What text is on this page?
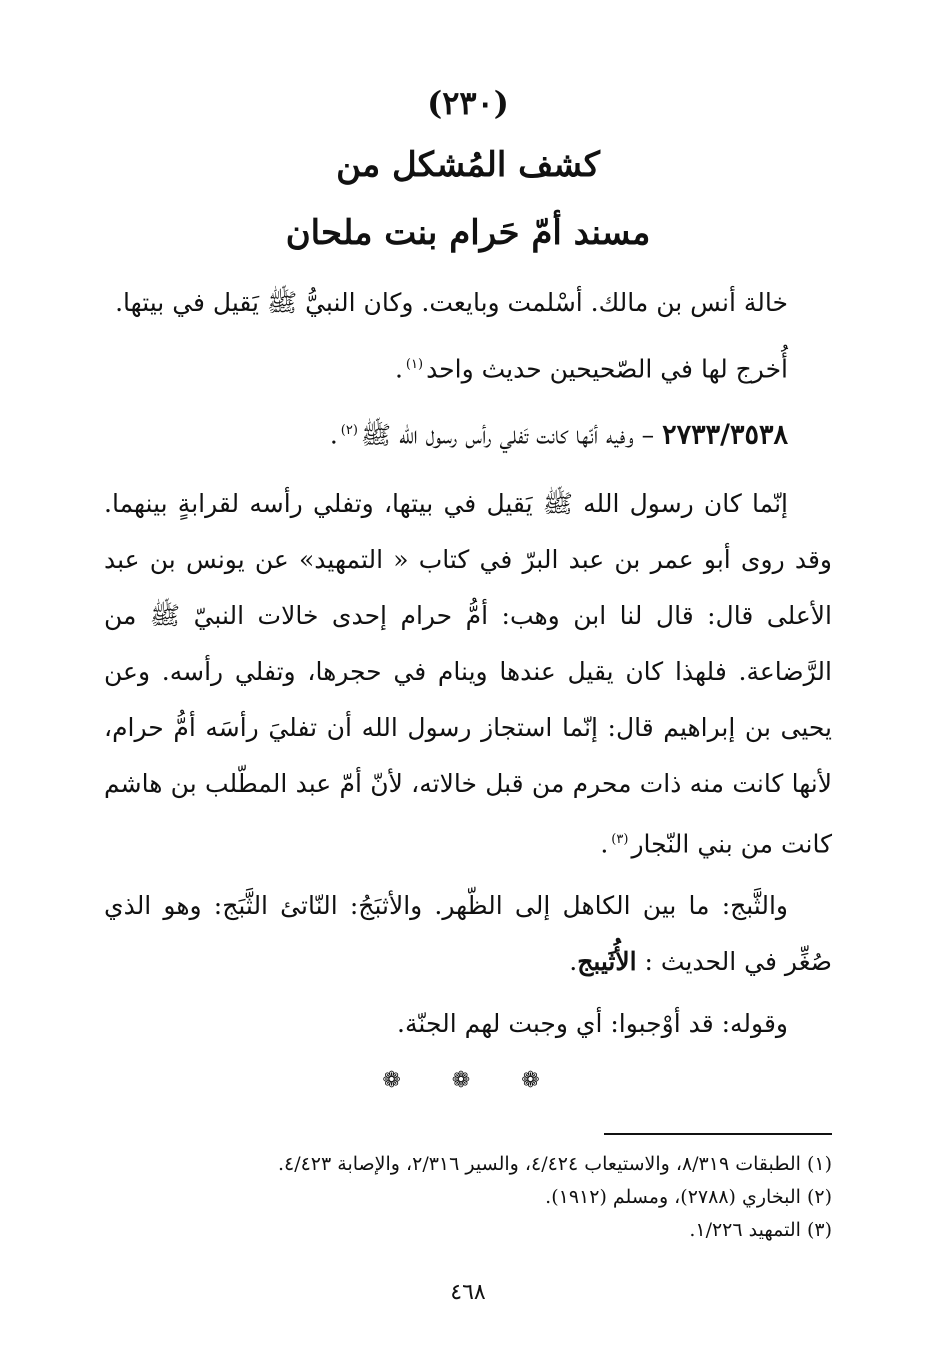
(٢٣٠)
كشف المُشكل من
مسند أمّ حَرام بنت ملحان

خالة أنس بن مالك. أسْلمت وبايعت. وكان النبيُّ ﷺ يَقيل في بيتها.

أُخرج لها في الصّحيحين حديث واحد$^{(١)}$.

٢٧٣٣/٣٥٣٨ – وفيه أنّها كانت تَفلي رأس رسول الله ﷺ$^{(٢)}$.

إنّما كان رسول الله ﷺ يَقيل في بيتها، وتفلي رأسه لقرابةٍ بينهما. وقد روى أبو عمر بن عبد البرّ في كتاب « التمهيد» عن يونس بن عبد الأعلى قال: قال لنا ابن وهب: أمُّ حرام إحدى خالات النبيّ ﷺ من الرَّضاعة. فلهذا كان يقيل عندها وينام في حجرها، وتفلي رأسه. وعن يحيى بن إبراهيم قال: إنّما استجاز رسول الله أن تفليَ رأسَه أمُّ حرام، لأنها كانت منه ذات محرم من قبل خالاته، لأنّ أمّ عبد المطّلب بن هاشم كانت من بني النّجار$^{(٣)}$.

والثَّبج: ما بين الكاهل إلى الظّهر. والأثبَجُ: النّاتئ الثَّبَج: وهو الذي صُغِّر في الحديث : الأُثَيبج.

وقوله: قد أوْجبوا: أي وجبت لهم الجنّة.

❁ ❁ ❁

(١) الطبقات ٨/٣١٩، والاستيعاب ٤/٤٢٤، والسير ٢/٣١٦، والإصابة ٤/٤٢٣.

(٢) البخاري (٢٧٨٨)، ومسلم (١٩١٢).

(٣) التمهيد ١/٢٢٦.

٤٦٨
